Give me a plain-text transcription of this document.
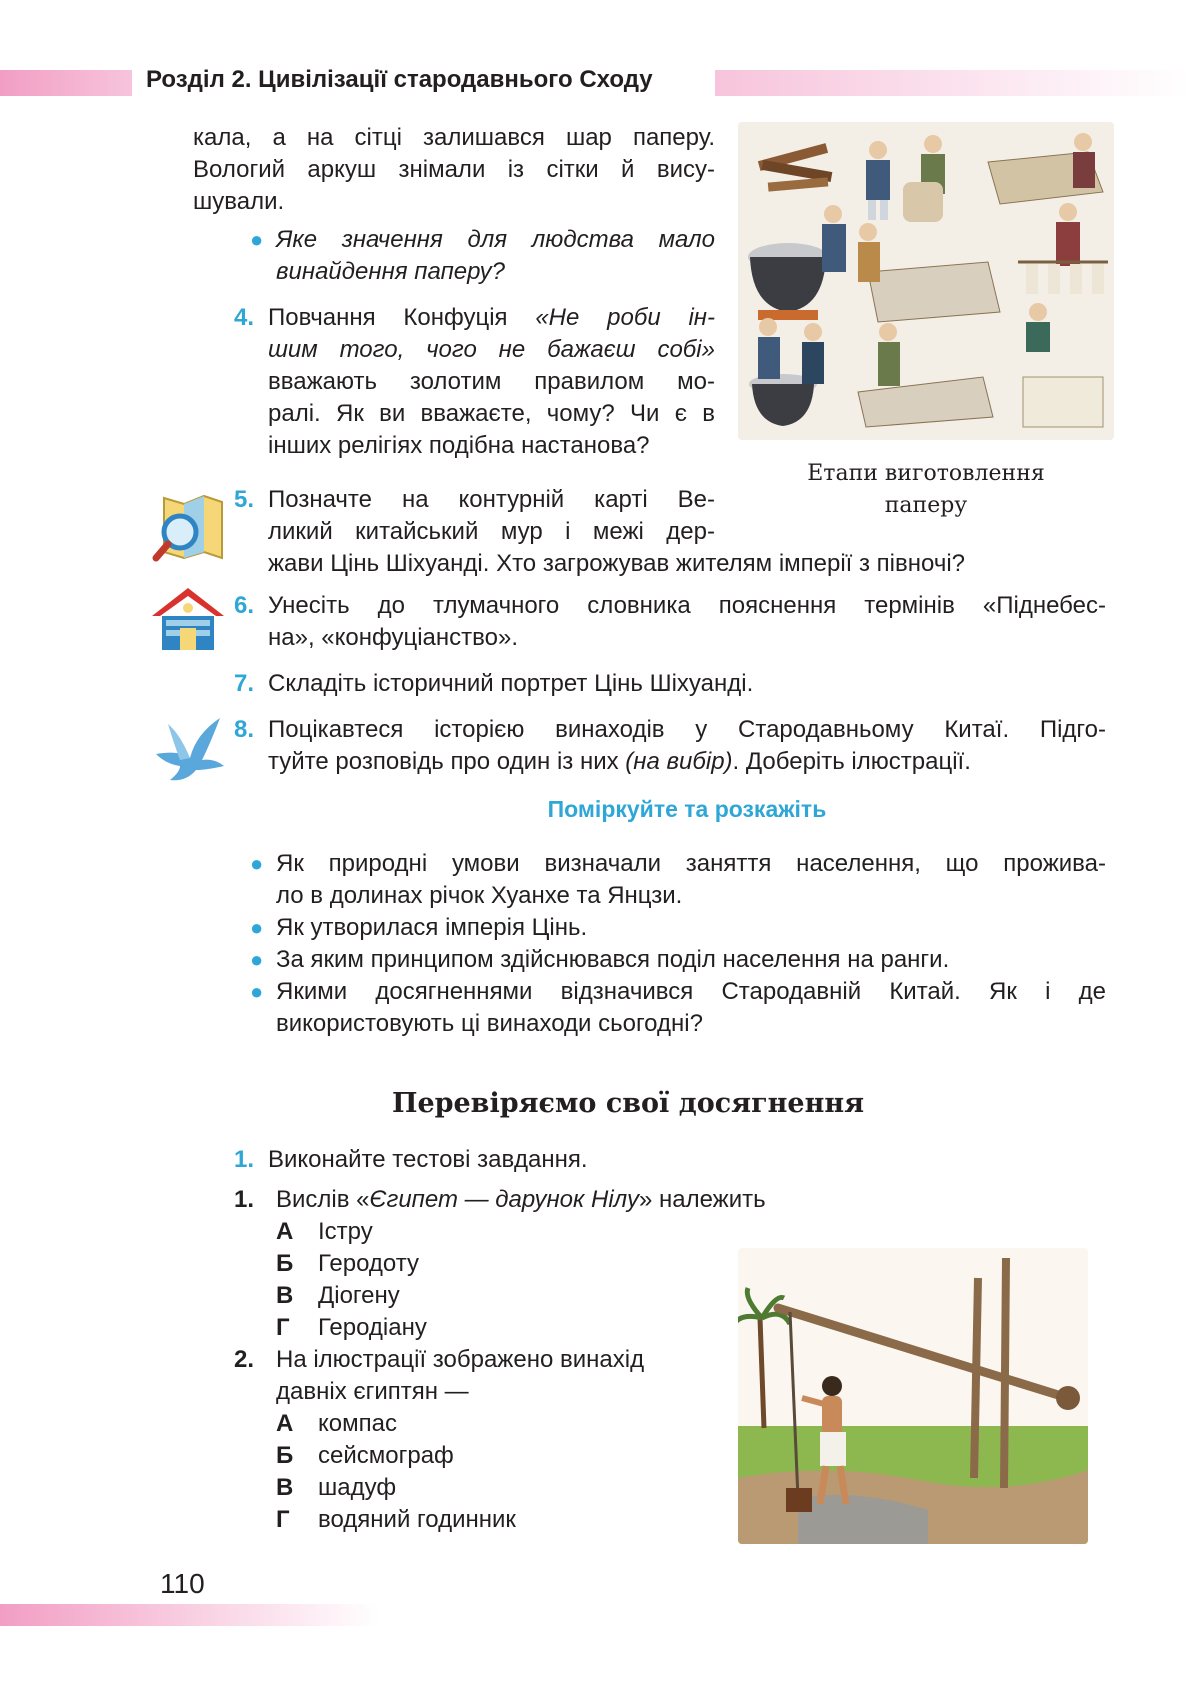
Розділ 2. Цивілізації стародавнього Сходу
кала, а на сітці залишався шар паперу.
Вологий аркуш знімали із сітки й вису-
шували.
● Яке значення для людства мало
винайдення паперу?
Етапи виготовлення
паперу
4. Повчання Конфуція «Не роби ін-
шим того, чого не бажаєш собі»
вважають золотим правилом мо-
ралі. Як ви вважаєте, чому? Чи є в
інших релігіях подібна настанова?
5. Позначте на контурній карті Ве-
ликий китайський мур і межі дер-
жави Цінь Шіхуанді. Хто загрожував жителям імперії з півночі?
6. Унесіть до тлумачного словника пояснення термінів «Піднебес-
на», «конфуціанство».
7. Складіть історичний портрет Цінь Шіхуанді.
8. Поцікавтеся історією винаходів у Стародавньому Китаї. Підго-
туйте розповідь про один із них (на вибір). Доберіть ілюстрації.
Поміркуйте та розкажіть
● Як природні умови визначали заняття населення, що прожива-
ло в долинах річок Хуанхе та Янцзи.
● Як утворилася імперія Цінь.
● За яким принципом здійснювався поділ населення на ранги.
● Якими досягненнями відзначився Стародавній Китай. Як і де
використовують ці винаходи сьогодні?
Перевіряємо свої досягнення
1. Виконайте тестові завдання.
1. Вислів «Єгипет — дарунок Нілу» належить
А Істру
Б Геродоту
В Діогену
Г Геродіану
2. На ілюстрації зображено винахід
давніх єгиптян —
А компас
Б сейсмограф
В шадуф
Г водяний годинник
110
